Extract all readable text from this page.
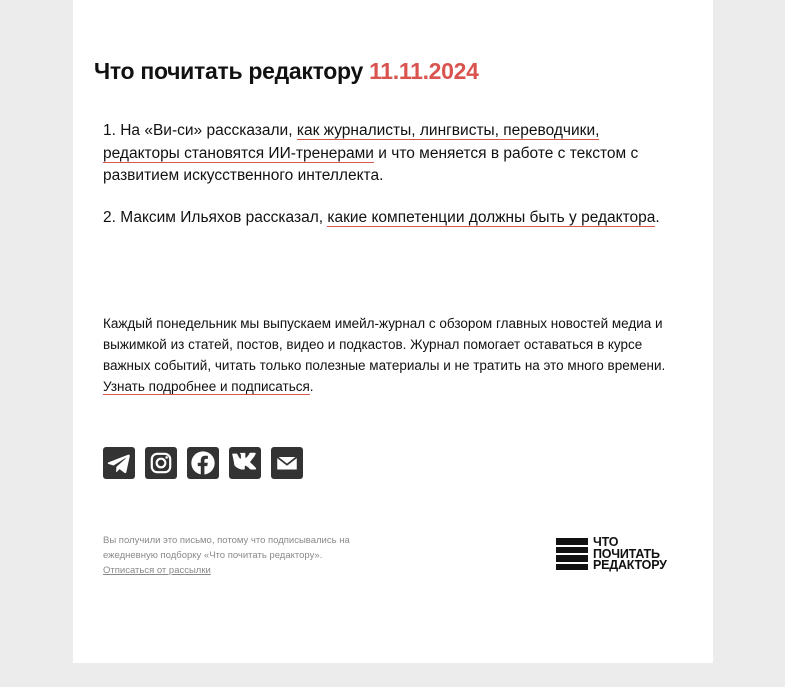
Что почитать редактору 11.11.2024

1. На «Ви-си» рассказали, как журналисты, лингвисты, переводчики, редакторы становятся ИИ-тренерами и что меняется в работе с текстом с развитием искусственного интеллекта.

2. Максим Ильяхов рассказал, какие компетенции должны быть у редактора.

Каждый понедельник мы выпускаем имейл-журнал с обзором главных новостей медиа и выжимкой из статей, постов, видео и подкастов. Журнал помогает оставаться в курсе важных событий, читать только полезные материалы и не тратить на это много времени. Узнать подробнее и подписаться.
Вы получили это письмо, потому что подписывались на ежедневную подборку «Что почитать редактору».
Отписаться от рассылки
ЧТО
ПОЧИТАТЬ
РЕДАКТОРУ
